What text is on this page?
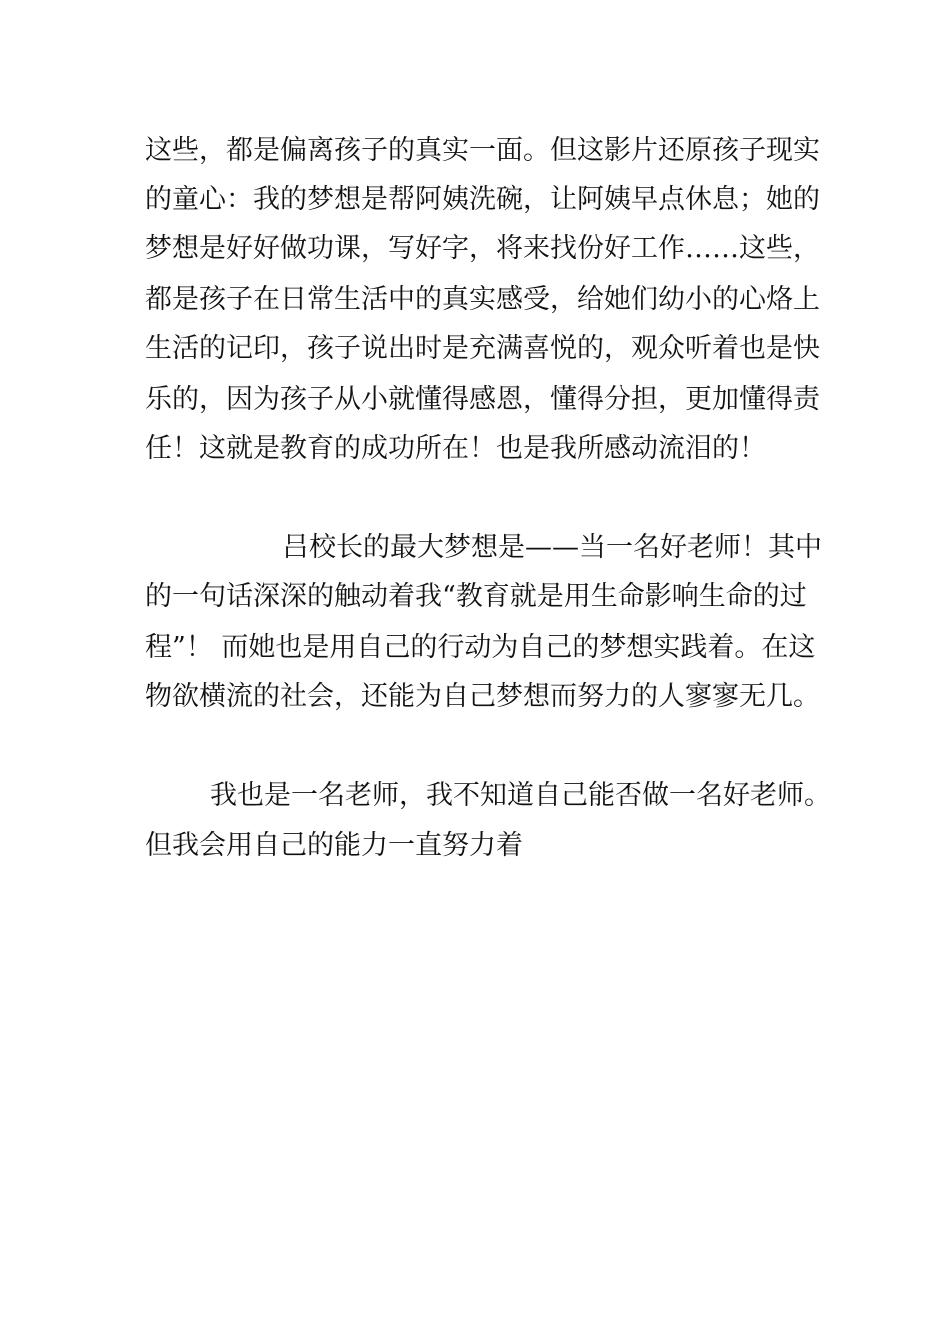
这些，都是偏离孩子的真实一面。但这影片还原孩子现实
的童心：我的梦想是帮阿姨洗碗，让阿姨早点休息；她的
梦想是好好做功课，写好字，将来找份好工作……这些，
都是孩子在日常生活中的真实感受，给她们幼小的心烙上
生活的记印，孩子说出时是充满喜悦的，观众听着也是快
乐的，因为孩子从小就懂得感恩，懂得分担，更加懂得责
任！这就是教育的成功所在！也是我所感动流泪的！
吕校长的最大梦想是——当一名好老师！其中
的一句话深深的触动着我“教育就是用生命影响生命的过
程”！ 而她也是用自己的行动为自己的梦想实践着。在这
物欲横流的社会，还能为自己梦想而努力的人寥寥无几。
我也是一名老师，我不知道自己能否做一名好老师。
但我会用自己的能力一直努力着
